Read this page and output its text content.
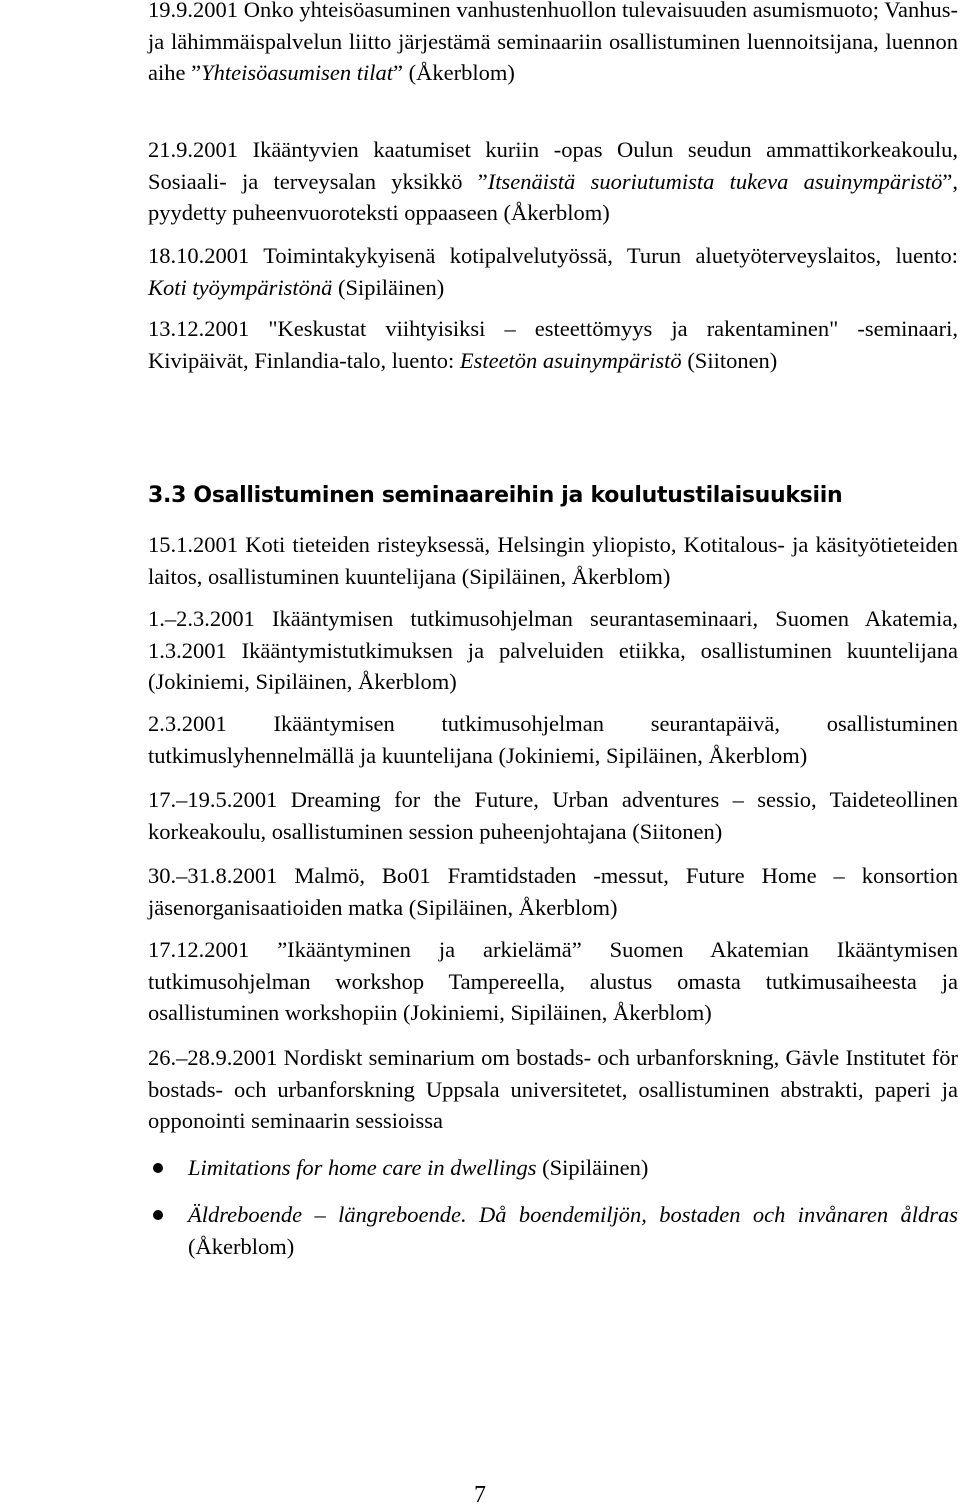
19.9.2001 Onko yhteisöasuminen vanhustenhuollon tulevaisuuden asumismuoto; Vanhus- ja lähimmäispalvelun liitto järjestämä seminaariin osallistuminen luennoitsijana, luennon aihe ”Yhteisöasumisen tilat” (Åkerblom)

21.9.2001 Ikääntyvien kaatumiset kuriin -opas Oulun seudun ammattikorkeakoulu, Sosiaali- ja terveysalan yksikkö ”Itsenäistä suoriutumista tukeva asuinympäristö”, pyydetty puheenvuoroteksti oppaaseen (Åkerblom)

18.10.2001 Toimintakykyisenä kotipalvelutyössä, Turun aluetyöterveyslaitos, luento: Koti työympäristönä (Sipiläinen)

13.12.2001 "Keskustat viihtyisiksi – esteettömyys ja rakentaminen" -seminaari, Kivipäivät, Finlandia-talo, luento: Esteetön asuinympäristö (Siitonen)

3.3 Osallistuminen seminaareihin ja koulutustilaisuuksiin

15.1.2001 Koti tieteiden risteyksessä, Helsingin yliopisto, Kotitalous- ja käsityötieteiden laitos, osallistuminen kuuntelijana (Sipiläinen, Åkerblom)

1.–2.3.2001 Ikääntymisen tutkimusohjelman seurantaseminaari, Suomen Akatemia, 1.3.2001 Ikääntymistutkimuksen ja palveluiden etiikka, osallistuminen kuuntelijana (Jokiniemi, Sipiläinen, Åkerblom)

2.3.2001 Ikääntymisen tutkimusohjelman seurantapäivä, osallistuminen tutkimuslyhennelmällä ja kuuntelijana (Jokiniemi, Sipiläinen, Åkerblom)

17.–19.5.2001 Dreaming for the Future, Urban adventures – sessio, Taideteollinen korkeakoulu, osallistuminen session puheenjohtajana (Siitonen)

30.–31.8.2001 Malmö, Bo01 Framtidstaden -messut, Future Home – konsortion jäsenorganisaatioiden matka (Sipiläinen, Åkerblom)

17.12.2001 ”Ikääntyminen ja arkielämä” Suomen Akatemian Ikääntymisen tutkimusohjelman workshop Tampereella, alustus omasta tutkimusaiheesta ja osallistuminen workshopiin (Jokiniemi, Sipiläinen, Åkerblom)

26.–28.9.2001 Nordiskt seminarium om bostads- och urbanforskning, Gävle Institutet för bostads- och urbanforskning Uppsala universitetet, osallistuminen abstrakti, paperi ja opponointi seminaarin sessioissa

Limitations for home care in dwellings (Sipiläinen)

Äldreboende – längreboende. Då boendemiljön, bostaden och invånaren åldras (Åkerblom)

7
